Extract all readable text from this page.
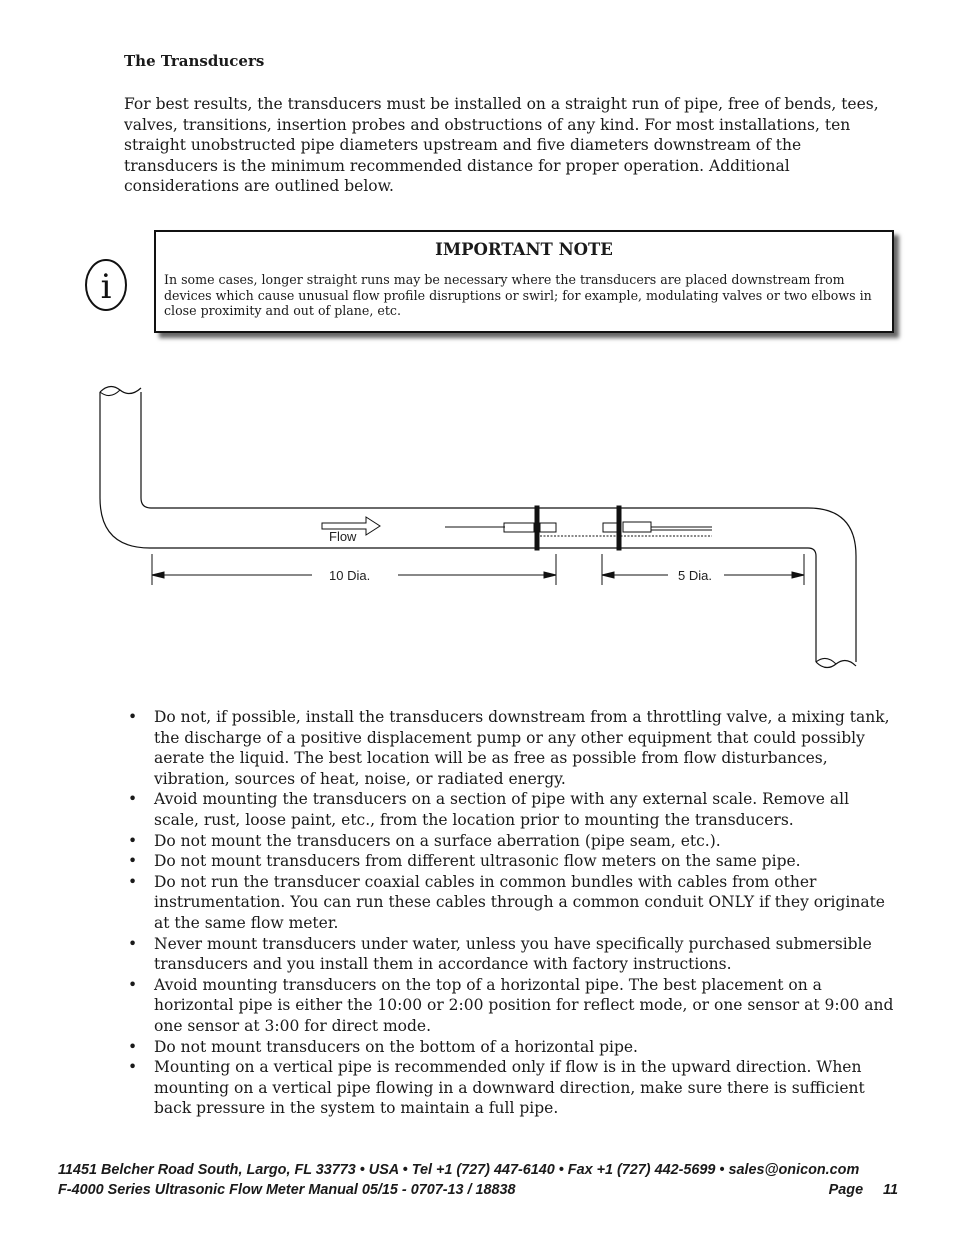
The Transducers

For best results, the transducers must be installed on a straight run of pipe, free of bends, tees, valves, transitions, insertion probes and obstructions of any kind. For most installations, ten straight unobstructed pipe diameters upstream and five diameters downstream of the transducers is the minimum recommended distance for proper operation. Additional considerations are outlined below.

i
IMPORTANT NOTE
In some cases, longer straight runs may be necessary where the transducers are placed downstream from devices which cause unusual flow profile disruptions or swirl; for example, modulating valves or two elbows in close proximity and out of plane, etc.
Flow
10 Dia.	5 Dia.
• Do not, if possible, install the transducers downstream from a throttling valve, a mixing tank, the discharge of a positive displacement pump or any other equipment that could possibly aerate the liquid. The best location will be as free as possible from flow disturbances, vibration, sources of heat, noise, or radiated energy.
• Avoid mounting the transducers on a section of pipe with any external scale. Remove all scale, rust, loose paint, etc., from the location prior to mounting the transducers.
• Do not mount the transducers on a surface aberration (pipe seam, etc.).
• Do not mount transducers from different ultrasonic flow meters on the same pipe.
• Do not run the transducer coaxial cables in common bundles with cables from other instrumentation. You can run these cables through a common conduit ONLY if they originate at the same flow meter.
• Never mount transducers under water, unless you have specifically purchased submersible transducers and you install them in accordance with factory instructions.
• Avoid mounting transducers on the top of a horizontal pipe. The best placement on a horizontal pipe is either the 10:00 or 2:00 position for reflect mode, or one sensor at 9:00 and one sensor at 3:00 for direct mode.
• Do not mount transducers on the bottom of a horizontal pipe.
• Mounting on a vertical pipe is recommended only if flow is in the upward direction. When mounting on a vertical pipe flowing in a downward direction, make sure there is sufficient back pressure in the system to maintain a full pipe.
11451 Belcher Road South, Largo, FL 33773 • USA • Tel +1 (727) 447-6140 • Fax +1 (727) 442-5699 • sales@onicon.com
F-4000 Series Ultrasonic Flow Meter Manual 05/15 - 0707-13 / 18838	Page     11
